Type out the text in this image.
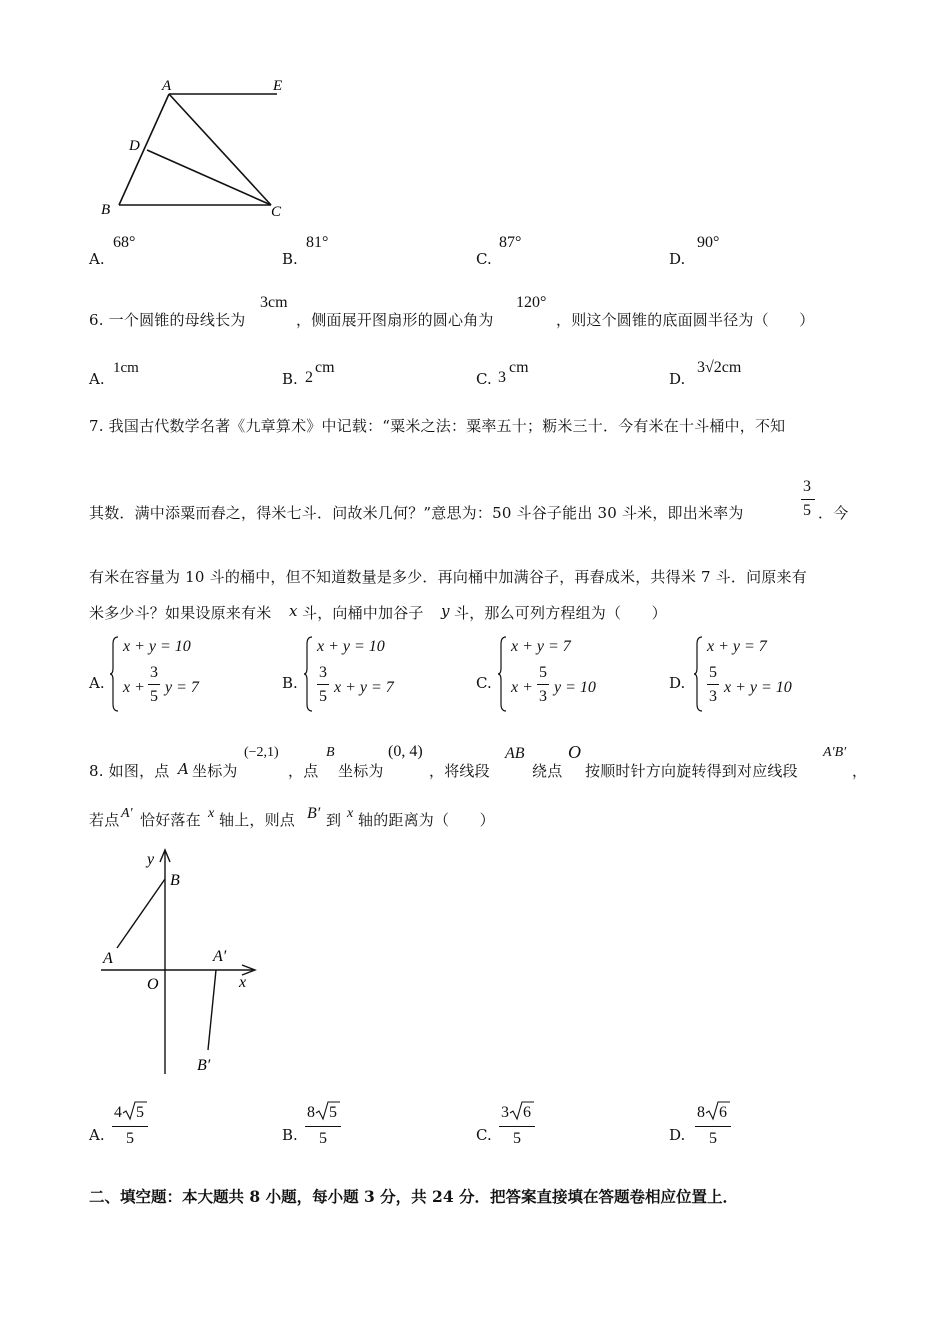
A	E
D
B	C
A.
68°
B.
81°
C.
87°
D.
90°
6. 一个圆锥的母线长为
3cm
，侧面展开图扇形的圆心角为
120°
，则这个圆锥的底面圆半径为（　　）
A.
1cm
B. 2
cm
C. 3
cm
D.
3√2cm
7. 我国古代数学名著《九章算术》中记载：“粟米之法：粟率五十；粝米三十．今有米在十斗桶中，不知
其数．满中添粟而舂之，得米七斗．问故米几何？”意思为：50 斗谷子能出 30 斗米，即出米率为
3
5 ．今
有米在容量为 10 斗的桶中，但不知道数量是多少．再向桶中加满谷子，再舂成米，共得米 7 斗．问原来有
米多少斗？如果设原来有米 x 斗，向桶中加谷子 y 斗，那么可列方程组为（　　）
A.
x + y = 10
x +
3
5
y = 7	B.
x + y = 10
3
5
x + y = 7	C.
x + y = 7
x +
5
3
y = 10	D.
x + y = 7
5
3
x + y = 10
8. 如图，点 A 坐标为
(−2,1)
，点
B
坐标为
(0, 4)
，将线段
AB
绕点
O
按顺时针方向旋转得到对应线段
A′B′
，
若点 A′ 恰好落在 x 轴上，则点 B′ 到 x 轴的距离为（　　）
y
B
A	A′
O	x
B′
A.
4 5
5	B.
8 5
5	C.
3 6
5	D.
8 6
5
二、填空题：本大题共 8 小题，每小题 3 分，共 24 分．把答案直接填在答题卷相应位置上．
